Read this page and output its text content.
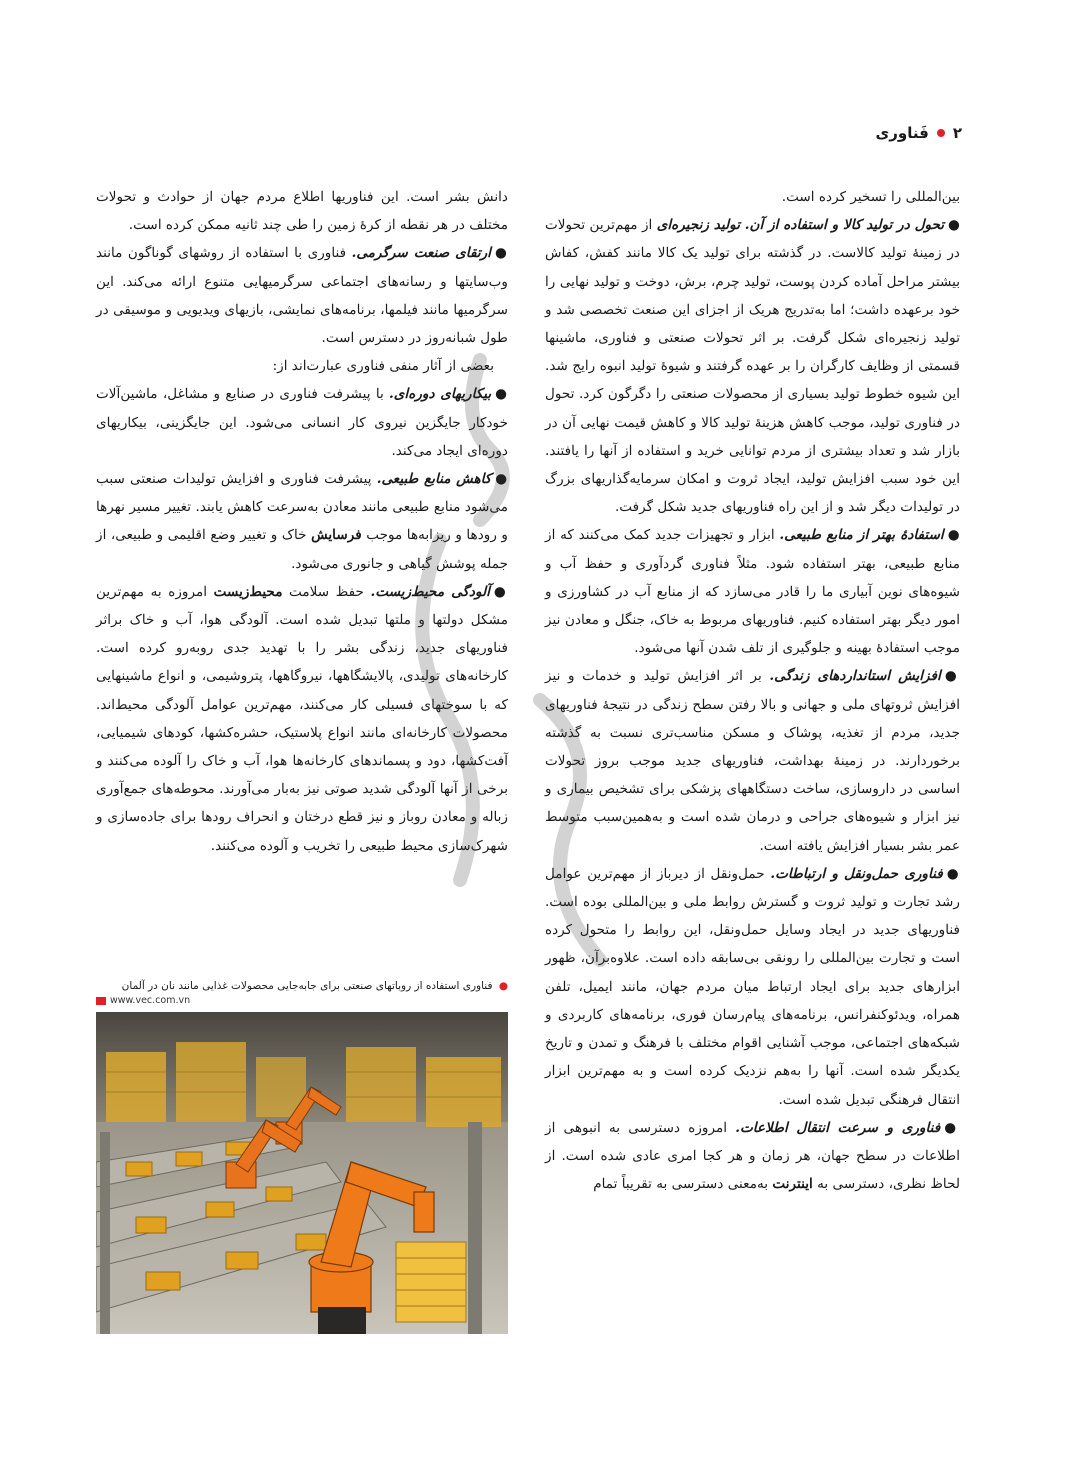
۲
فَناوری

بین‌المللی را تسخیر کرده است.

●تحول در تولید کالا و استفاده از آن. تولید زنجیره‌ای از مهم‌ترین تحولات در زمینهٔ تولید کالاست. در گذشته برای تولید یک کالا مانند کفش، کفاش بیشتر مراحل آماده کردن پوست، تولید چرم، برش، دوخت و تولید نهایی را خود برعهده داشت؛ اما به‌تدریج هریک از اجزای این صنعت تخصصی شد و تولید زنجیره‌ای شکل گرفت. بر اثر تحولات صنعتی و فناوری، ماشینها قسمتی از وظایف کارگران را بر عهده گرفتند و شیوهٔ تولید انبوه رایج شد. این شیوه خطوط تولید بسیاری از محصولات صنعتی را دگرگون کرد. تحول در فناوری تولید، موجب کاهش هزینهٔ تولید کالا و کاهش قیمت نهایی آن در بازار شد و تعداد بیشتری از مردم توانایی خرید و استفاده از آنها را یافتند. این خود سبب افزایش تولید، ایجاد ثروت و امکان سرمایه‌گذاریهای بزرگ در تولیدات دیگر شد و از این راه فناوریهای جدید شکل گرفت.

●استفادهٔ بهتر از منابع طبیعی. ابزار و تجهیزات جدید کمک می‌کنند که از منابع طبیعی، بهتر استفاده شود. مثلاً فناوری گردآوری و حفظ آب و شیوه‌های نوین آبیاری ما را قادر می‌سازد که از منابع آب در کشاورزی و امور دیگر بهتر استفاده کنیم. فناوریهای مربوط به خاک، جنگل و معادن نیز موجب استفادهٔ بهینه و جلوگیری از تلف شدن آنها می‌شود.

●افزایش استانداردهای زندگی. بر اثر افزایش تولید و خدمات و نیز افزایش ثروتهای ملی و جهانی و بالا رفتن سطح زندگی در نتیجهٔ فناوریهای جدید، مردم از تغذیه، پوشاک و مسکن مناسب‌تری نسبت به گذشته برخوردارند. در زمینهٔ بهداشت، فناوریهای جدید موجب بروز تحولات اساسی در داروسازی، ساخت دستگاههای پزشکی برای تشخیص بیماری و نیز ابزار و شیوه‌های جراحی و درمان شده است و به‌همین‌سبب متوسط عمر بشر بسیار افزایش یافته است.

●فناوری حمل‌ونقل و ارتباطات. حمل‌ونقل از دیرباز از مهم‌ترین عوامل رشد تجارت و تولید ثروت و گسترش روابط ملی و بین‌المللی بوده است. فناوریهای جدید در ایجاد وسایل حمل‌ونقل، این روابط را متحول کرده است و تجارت بین‌المللی را رونقی بی‌سابقه داده است. علاوه‌برآن، ظهور ابزارهای جدید برای ایجاد ارتباط میان مردم جهان، مانند ایمیل، تلفن همراه، ویدئوکنفرانس، برنامه‌های پیام‌رسان فوری، برنامه‌های کاربردی و شبکه‌های اجتماعی، موجب آشنایی اقوام مختلف با فرهنگ و تمدن و تاریخ یکدیگر شده است. آنها را به‌هم نزدیک کرده است و به مهم‌ترین ابزار انتقال فرهنگی تبدیل شده است.

●فناوری و سرعت انتقال اطلاعات. امروزه دسترسی به انبوهی از اطلاعات در سطح جهان، هر زمان و هر کجا امری عادی شده است. از لحاظ نظری، دسترسی به اینترنت به‌معنی دسترسی به تقریباً تمام

دانش بشر است. این فناوریها اطلاع مردم جهان از حوادث و تحولات مختلف در هر نقطه از کرهٔ زمین را طی چند ثانیه ممکن کرده است.

●ارتقای صنعت سرگرمی. فناوری با استفاده از روشهای گوناگون مانند وب‌سایتها و رسانه‌های اجتماعی سرگرمیهایی متنوع ارائه می‌کند. این سرگرمیها مانند فیلمها، برنامه‌های نمایشی، بازیهای ویدیویی و موسیقی در طول شبانه‌روز در دسترس است.

بعضی از آثار منفی فناوری عبارت‌اند از:

●بیکاریهای دوره‌ای. با پیشرفت فناوری در صنایع و مشاغل، ماشین‌آلات خودکار جایگزین نیروی کار انسانی می‌شود. این جایگزینی، بیکاریهای دوره‌ای ایجاد می‌کند.

●کاهش منابع طبیعی. پیشرفت فناوری و افزایش تولیدات صنعتی سبب می‌شود منابع طبیعی مانند معادن به‌سرعت کاهش یابند. تغییر مسیر نهرها و رودها و ریزابه‌ها موجب فرسایش خاک و تغییر وضع اقلیمی و طبیعی، از جمله پوشش گیاهی و جانوری می‌شود.

●آلودگی محیط‌زیست. حفظ سلامت محیط‌زیست امروزه به مهم‌ترین مشکل دولتها و ملتها تبدیل شده است. آلودگی هوا، آب و خاک براثر فناوریهای جدید، زندگی بشر را با تهدید جدی روبه‌رو کرده است. کارخانه‌های تولیدی، پالایشگاهها، نیروگاهها، پتروشیمی، و انواع ماشینهایی که با سوختهای فسیلی کار می‌کنند، مهم‌ترین عوامل آلودگی محیط‌اند. محصولات کارخانه‌ای مانند انواع پلاستیک، حشره‌کشها، کودهای شیمیایی، آفت‌کشها، دود و پسماندهای کارخانه‌ها هوا، آب و خاک را آلوده می‌کنند و برخی از آنها آلودگی شدید صوتی نیز به‌بار می‌آورند. محوطه‌های جمع‌آوری زباله و معادن روباز و نیز قطع درختان و انحراف رودها برای جاده‌سازی و شهرک‌سازی محیط طبیعی را تخریب و آلوده می‌کنند.

● فناوری استفاده از روباتهای صنعتی برای جابه‌جایی محصولات غذایی مانند نان در آلمان
www.vec.com.vn
